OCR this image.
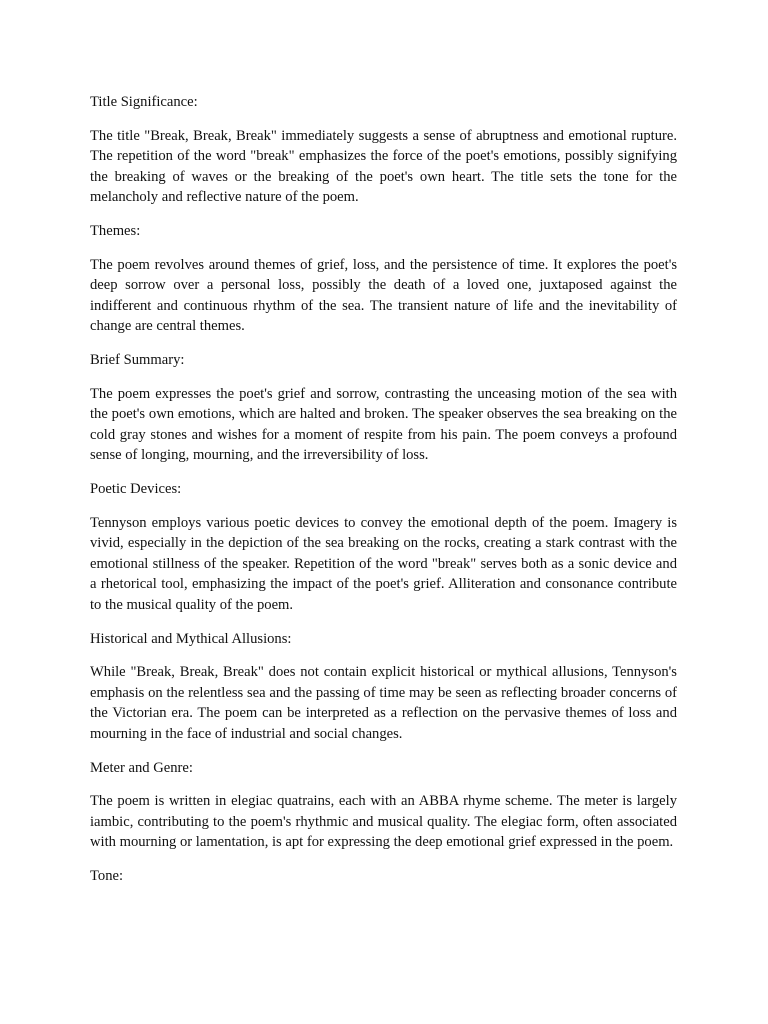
Title Significance:

The title "Break, Break, Break" immediately suggests a sense of abruptness and emotional rupture. The repetition of the word "break" emphasizes the force of the poet's emotions, possibly signifying the breaking of waves or the breaking of the poet's own heart. The title sets the tone for the melancholy and reflective nature of the poem.

Themes:

The poem revolves around themes of grief, loss, and the persistence of time. It explores the poet's deep sorrow over a personal loss, possibly the death of a loved one, juxtaposed against the indifferent and continuous rhythm of the sea. The transient nature of life and the inevitability of change are central themes.

Brief Summary:

The poem expresses the poet's grief and sorrow, contrasting the unceasing motion of the sea with the poet's own emotions, which are halted and broken. The speaker observes the sea breaking on the cold gray stones and wishes for a moment of respite from his pain. The poem conveys a profound sense of longing, mourning, and the irreversibility of loss.

Poetic Devices:

Tennyson employs various poetic devices to convey the emotional depth of the poem. Imagery is vivid, especially in the depiction of the sea breaking on the rocks, creating a stark contrast with the emotional stillness of the speaker. Repetition of the word "break" serves both as a sonic device and a rhetorical tool, emphasizing the impact of the poet's grief. Alliteration and consonance contribute to the musical quality of the poem.

Historical and Mythical Allusions:

While "Break, Break, Break" does not contain explicit historical or mythical allusions, Tennyson's emphasis on the relentless sea and the passing of time may be seen as reflecting broader concerns of the Victorian era. The poem can be interpreted as a reflection on the pervasive themes of loss and mourning in the face of industrial and social changes.

Meter and Genre:

The poem is written in elegiac quatrains, each with an ABBA rhyme scheme. The meter is largely iambic, contributing to the poem's rhythmic and musical quality. The elegiac form, often associated with mourning or lamentation, is apt for expressing the deep emotional grief expressed in the poem.

Tone:
